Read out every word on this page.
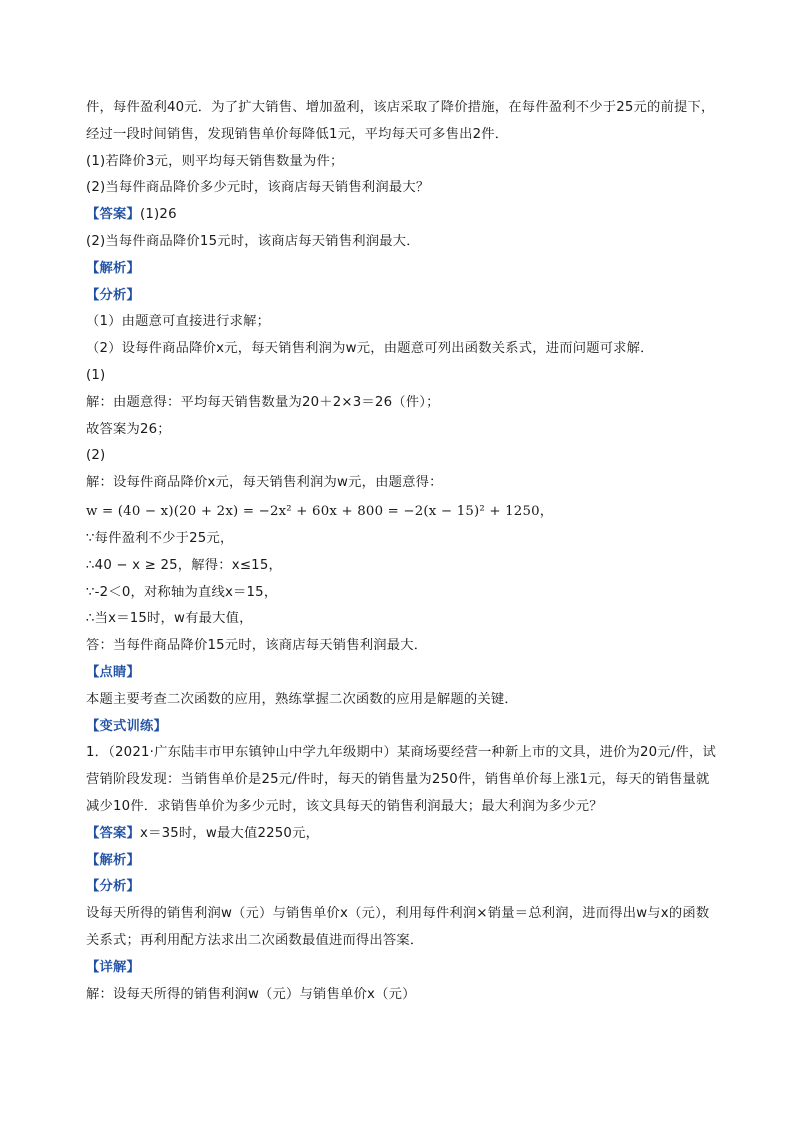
件，每件盈利40元．为了扩大销售、增加盈利，该店采取了降价措施，在每件盈利不少于25元的前提下，
经过一段时间销售，发现销售单价每降低1元，平均每天可多售出2件．
(1)若降价3元，则平均每天销售数量为件；
(2)当每件商品降价多少元时，该商店每天销售利润最大？
【答案】(1)26
(2)当每件商品降价15元时，该商店每天销售利润最大．
【解析】
【分析】
（1）由题意可直接进行求解；
（2）设每件商品降价x元，每天销售利润为w元，由题意可列出函数关系式，进而问题可求解．
(1)
解：由题意得：平均每天销售数量为20＋2×3＝26（件）；
故答案为26；
(2)
解：设每件商品降价x元，每天销售利润为w元，由题意得：
w = (40 − x)(20 + 2x) = −2x² + 60x + 800 = −2(x − 15)² + 1250，
∵每件盈利不少于25元，
∴40 − x ≥ 25，解得：x≤15，
∵-2＜0，对称轴为直线x＝15，
∴当x＝15时，w有最大值，
答：当每件商品降价15元时，该商店每天销售利润最大．
【点睛】
本题主要考查二次函数的应用，熟练掌握二次函数的应用是解题的关键．
【变式训练】
1．（2021·广东陆丰市甲东镇钟山中学九年级期中）某商场要经营一种新上市的文具，进价为20元/件，试
营销阶段发现：当销售单价是25元/件时，每天的销售量为250件，销售单价每上涨1元，每天的销售量就
减少10件．求销售单价为多少元时，该文具每天的销售利润最大；最大利润为多少元？
【答案】x＝35时，w最大值2250元，
【解析】
【分析】
设每天所得的销售利润w（元）与销售单价x（元），利用每件利润×销量＝总利润，进而得出w与x的函数
关系式；再利用配方法求出二次函数最值进而得出答案．
【详解】
解：设每天所得的销售利润w（元）与销售单价x（元）
